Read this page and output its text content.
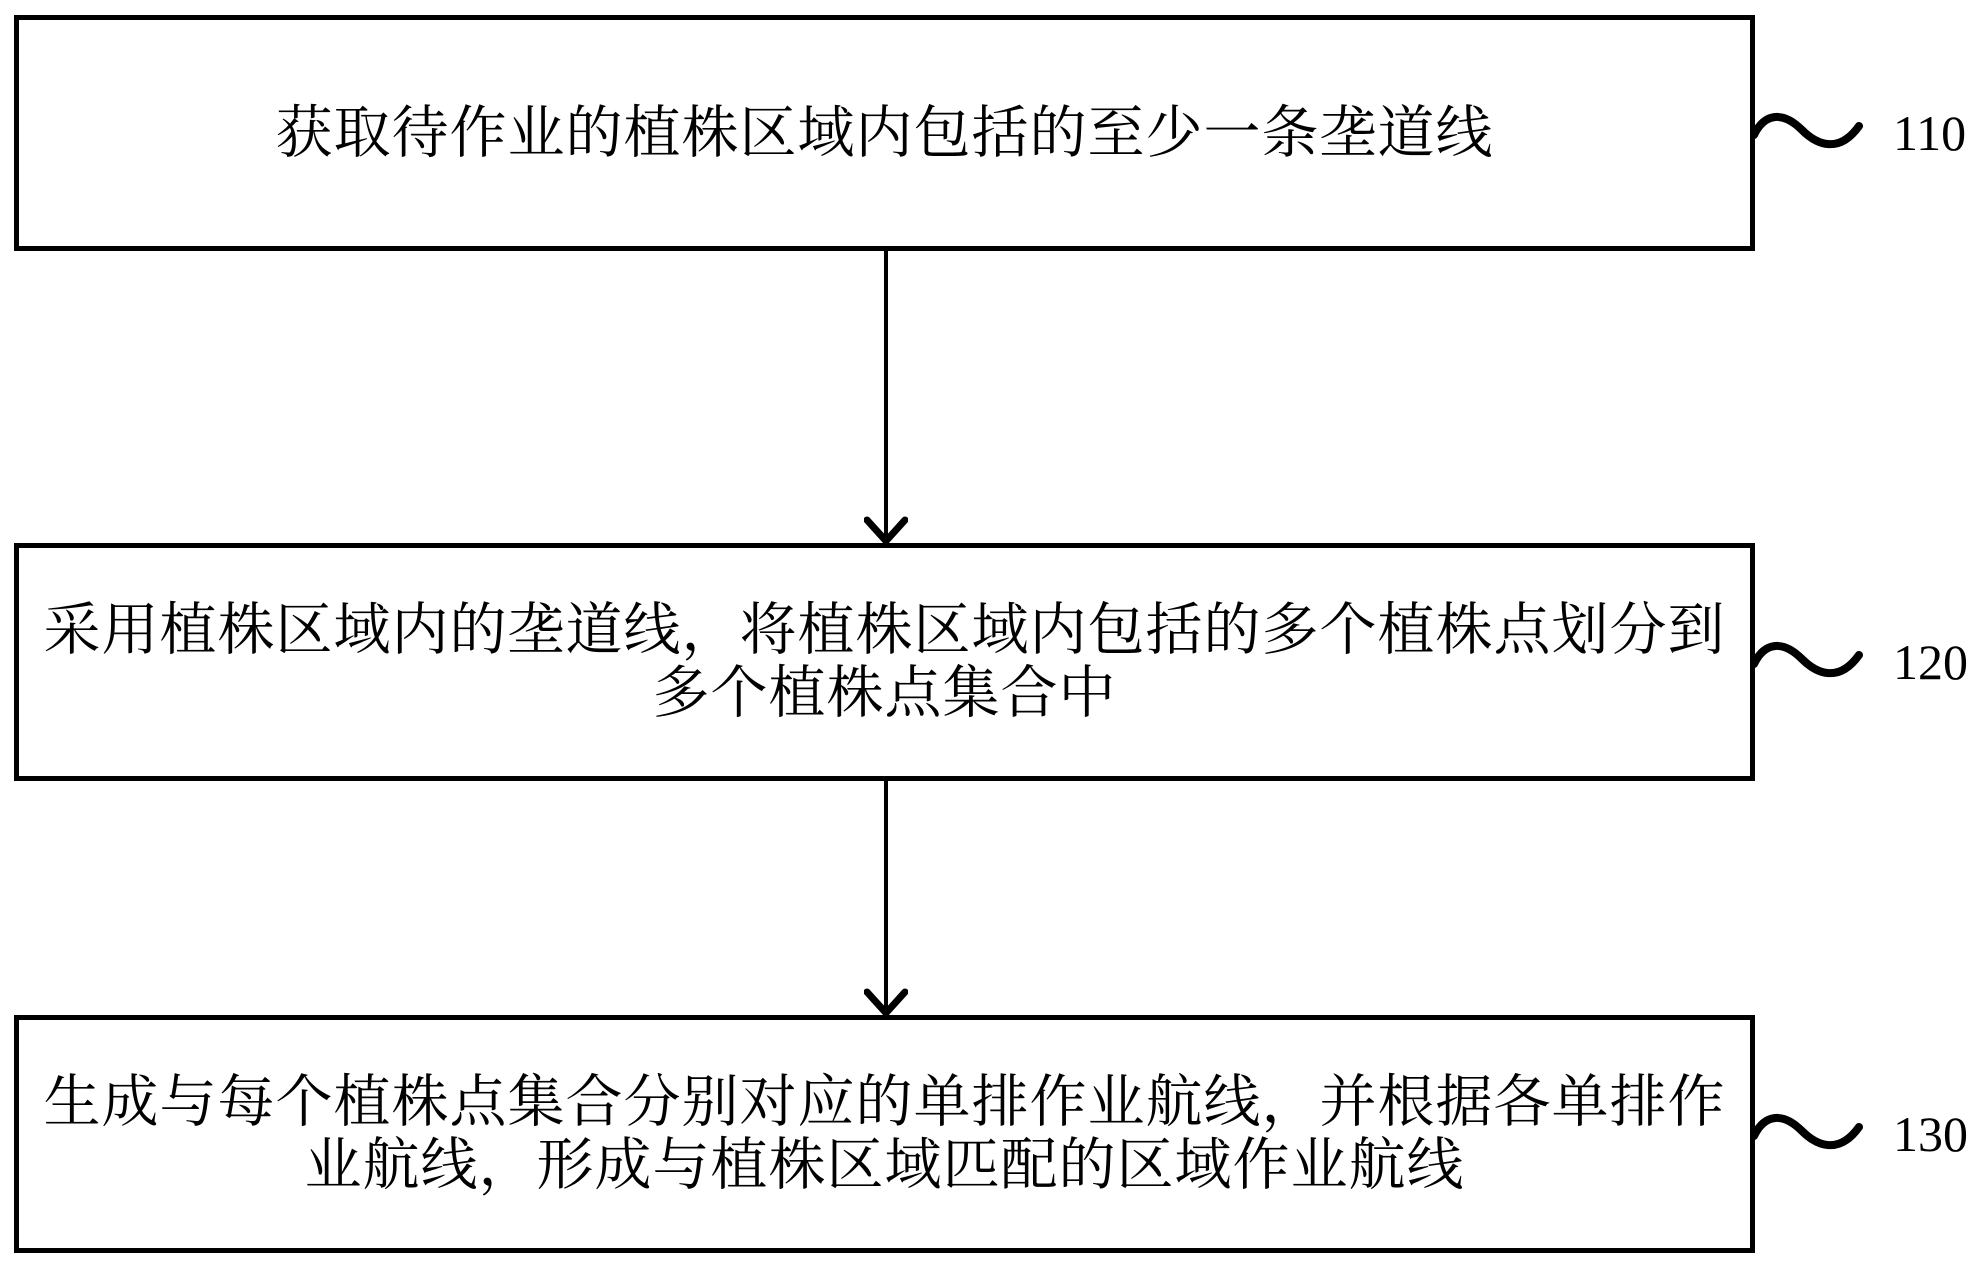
获取待作业的植株区域内包括的至少一条垄道线
采用植株区域内的垄道线，将植株区域内包括的多个植株点划分到
多个植株点集合中
生成与每个植株点集合分别对应的单排作业航线，并根据各单排作
业航线，形成与植株区域匹配的区域作业航线
110
120
130
